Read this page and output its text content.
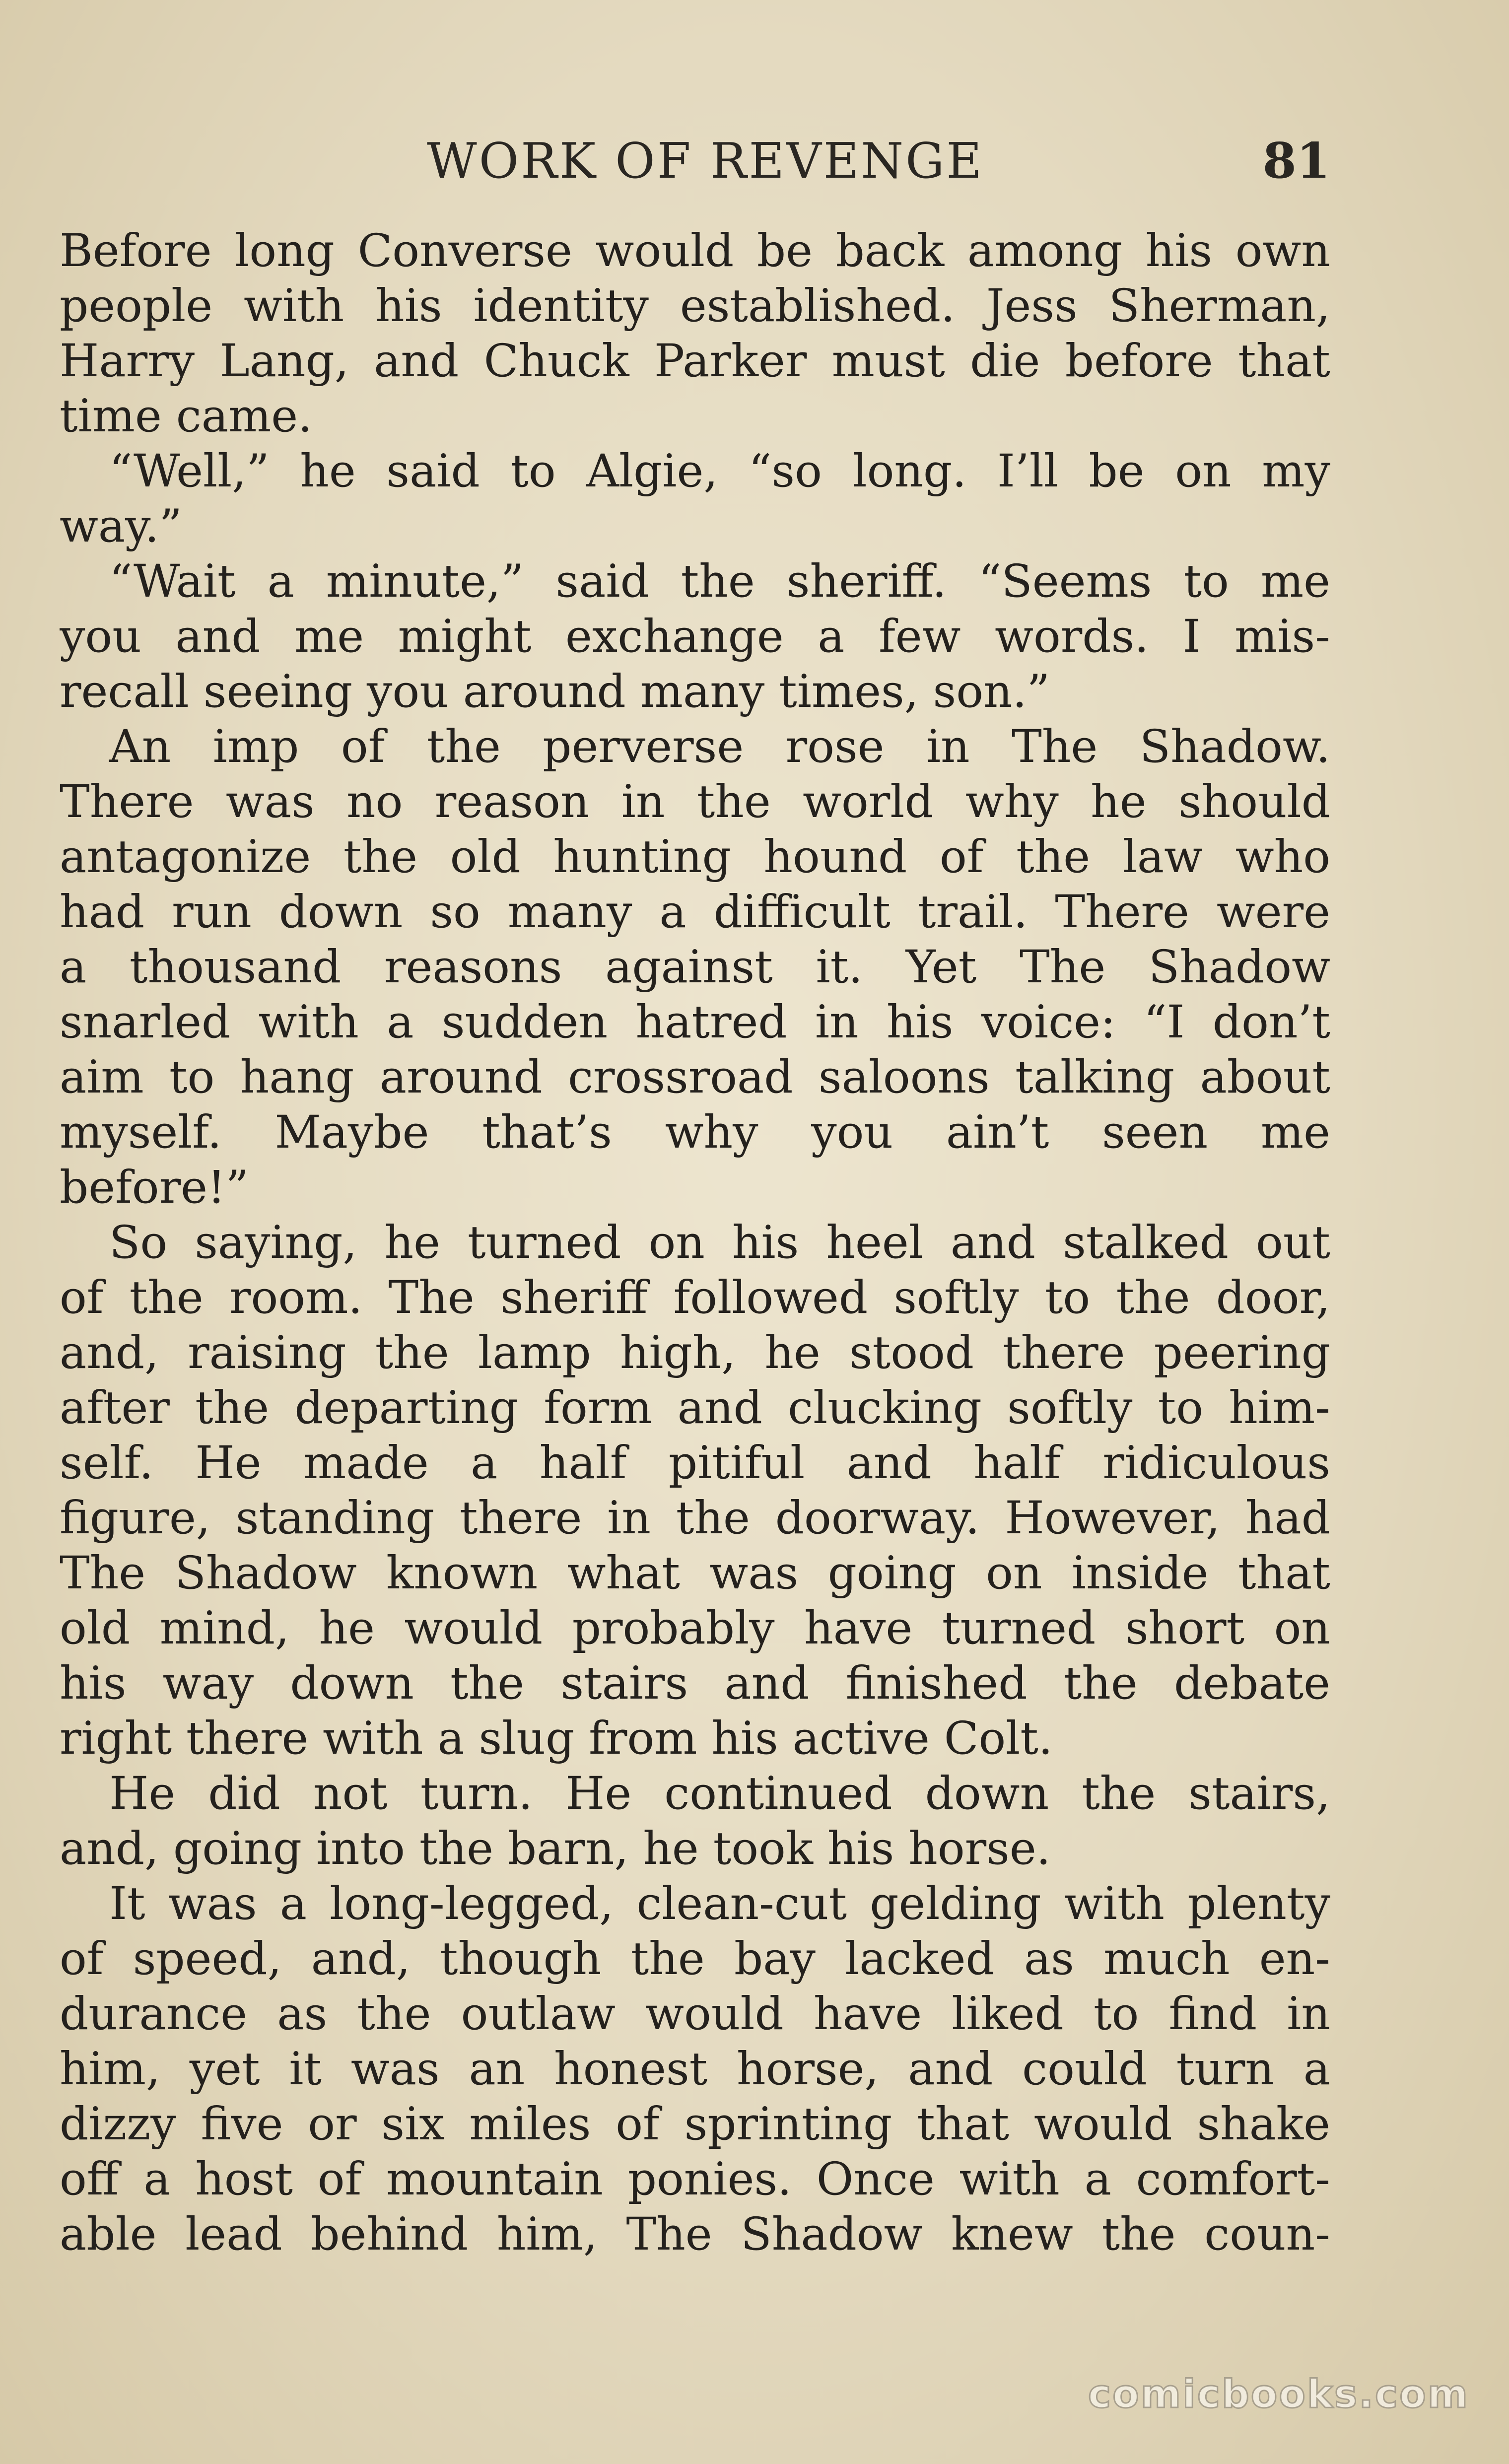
WORK OF REVENGE	81
Before long Converse would be back among his own
people with his identity established. Jess Sherman,
Harry Lang, and Chuck Parker must die before that
time came.
“Well,” he said to Algie, “so long. I’ll be on my
way.”
“Wait a minute,” said the sheriff. “Seems to me
you and me might exchange a few words. I mis-
recall seeing you around many times, son.”
An imp of the perverse rose in The Shadow.
There was no reason in the world why he should
antagonize the old hunting hound of the law who
had run down so many a difficult trail. There were
a thousand reasons against it. Yet The Shadow
snarled with a sudden hatred in his voice: “I don’t
aim to hang around crossroad saloons talking about
myself. Maybe that’s why you ain’t seen me
before!”
So saying, he turned on his heel and stalked out
of the room. The sheriff followed softly to the door,
and, raising the lamp high, he stood there peering
after the departing form and clucking softly to him-
self. He made a half pitiful and half ridiculous
figure, standing there in the doorway. However, had
The Shadow known what was going on inside that
old mind, he would probably have turned short on
his way down the stairs and finished the debate
right there with a slug from his active Colt.
He did not turn. He continued down the stairs,
and, going into the barn, he took his horse.
It was a long-legged, clean-cut gelding with plenty
of speed, and, though the bay lacked as much en-
durance as the outlaw would have liked to find in
him, yet it was an honest horse, and could turn a
dizzy five or six miles of sprinting that would shake
off a host of mountain ponies. Once with a comfort-
able lead behind him, The Shadow knew the coun-
comicbooks.com
